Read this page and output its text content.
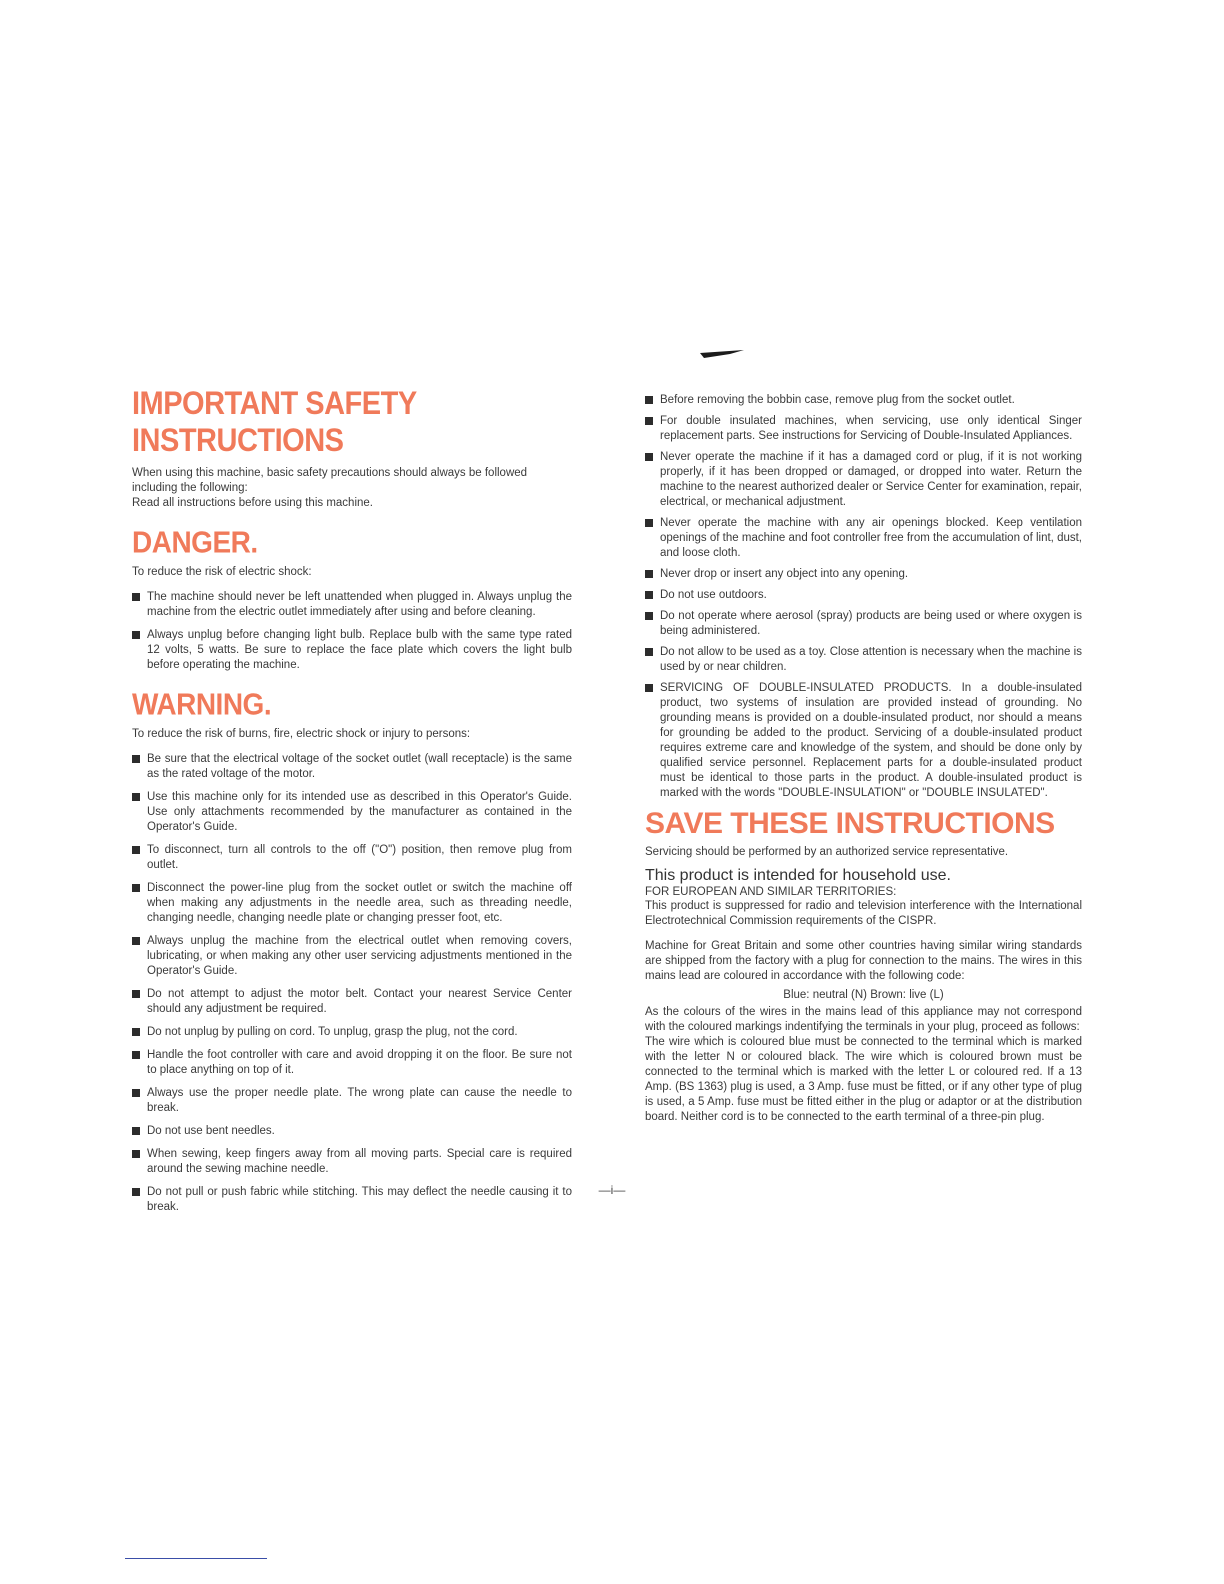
IMPORTANT SAFETY INSTRUCTIONS

When using this machine, basic safety precautions should always be followed including the following:

Read all instructions before using this machine.

DANGER.

To reduce the risk of electric shock:

The machine should never be left unattended when plugged in. Always unplug the machine from the electric outlet immediately after using and before cleaning.
Always unplug before changing light bulb. Replace bulb with the same type rated 12 volts, 5 watts. Be sure to replace the face plate which covers the light bulb before operating the machine.
WARNING.

To reduce the risk of burns, fire, electric shock or injury to persons:

Be sure that the electrical voltage of the socket outlet (wall receptacle) is the same as the rated voltage of the motor.
Use this machine only for its intended use as described in this Operator's Guide. Use only attachments recommended by the manufacturer as contained in the Operator's Guide.
To disconnect, turn all controls to the off ("O") position, then remove plug from outlet.
Disconnect the power-line plug from the socket outlet or switch the machine off when making any adjustments in the needle area, such as threading needle, changing needle, changing needle plate or changing presser foot, etc.
Always unplug the machine from the electrical outlet when removing covers, lubricating, or when making any other user servicing adjustments mentioned in the Operator's Guide.
Do not attempt to adjust the motor belt. Contact your nearest Service Center should any adjustment be required.
Do not unplug by pulling on cord. To unplug, grasp the plug, not the cord.
Handle the foot controller with care and avoid dropping it on the floor. Be sure not to place anything on top of it.
Always use the proper needle plate. The wrong plate can cause the needle to break.
Do not use bent needles.
When sewing, keep fingers away from all moving parts. Special care is required around the sewing machine needle.
Do not pull or push fabric while stitching. This may deflect the needle causing it to break.
Before removing the bobbin case, remove plug from the socket outlet.
For double insulated machines, when servicing, use only identical Singer replacement parts. See instructions for Servicing of Double-Insulated Appliances.
Never operate the machine if it has a damaged cord or plug, if it is not working properly, if it has been dropped or damaged, or dropped into water. Return the machine to the nearest authorized dealer or Service Center for examination, repair, electrical, or mechanical adjustment.
Never operate the machine with any air openings blocked. Keep ventilation openings of the machine and foot controller free from the accumulation of lint, dust, and loose cloth.
Never drop or insert any object into any opening.
Do not use outdoors.
Do not operate where aerosol (spray) products are being used or where oxygen is being administered.
Do not allow to be used as a toy. Close attention is necessary when the machine is used by or near children.
SERVICING OF DOUBLE-INSULATED PRODUCTS. In a double-insulated product, two systems of insulation are provided instead of grounding. No grounding means is provided on a double-insulated product, nor should a means for grounding be added to the product. Servicing of a double-insulated product requires extreme care and knowledge of the system, and should be done only by qualified service personnel. Replacement parts for a double-insulated product must be identical to those parts in the product. A double-insulated product is marked with the words "DOUBLE-INSULATION" or "DOUBLE INSULATED".
SAVE THESE INSTRUCTIONS

Servicing should be performed by an authorized service representative.

This product is intended for household use.

FOR EUROPEAN AND SIMILAR TERRITORIES:

This product is suppressed for radio and television interference with the International Electrotechnical Commission requirements of the CISPR.

Machine for Great Britain and some other countries having similar wiring standards are shipped from the factory with a plug for connection to the mains. The wires in this mains lead are coloured in accordance with the following code:

Blue: neutral (N) Brown: live (L)

As the colours of the wires in the mains lead of this appliance may not correspond with the coloured markings indentifying the terminals in your plug, proceed as follows:

The wire which is coloured blue must be connected to the terminal which is marked with the letter N or coloured black. The wire which is coloured brown must be connected to the terminal which is marked with the letter L or coloured red. If a 13 Amp. (BS 1363) plug is used, a 3 Amp. fuse must be fitted, or if any other type of plug is used, a 5 Amp. fuse must be fitted either in the plug or adaptor or at the distribution board. Neither cord is to be connected to the earth terminal of a three-pin plug.

—i—
